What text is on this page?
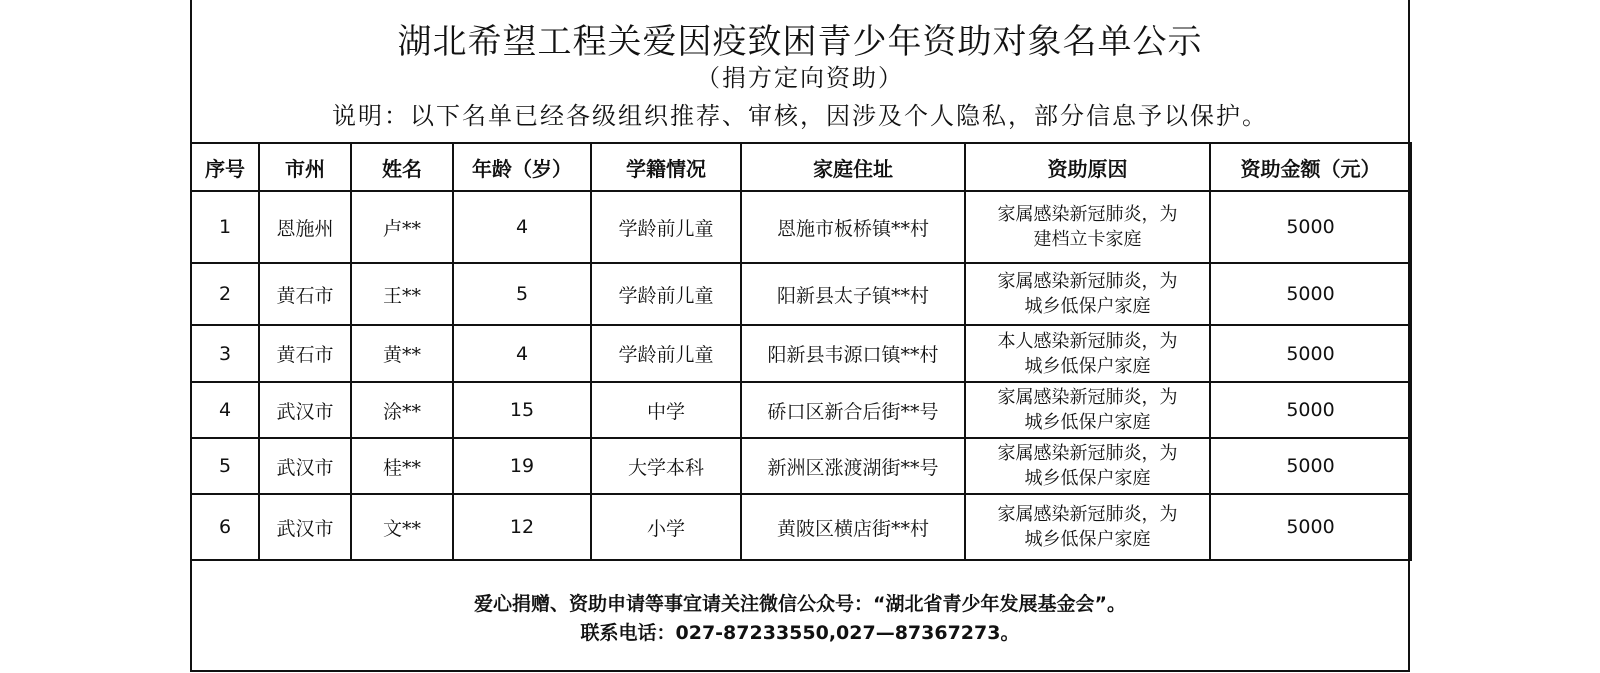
湖北希望工程关爱因疫致困青少年资助对象名单公示
（捐方定向资助）
说明：以下名单已经各级组织推荐、审核，因涉及个人隐私，部分信息予以保护。
序号	市州	姓名	年龄（岁）	学籍情况	家庭住址	资助原因	资助金额（元）
1	恩施州	卢**	4	学龄前儿童	恩施市板桥镇**村	家属感染新冠肺炎，为
建档立卡家庭	5000
2	黄石市	王**	5	学龄前儿童	阳新县太子镇**村	家属感染新冠肺炎，为
城乡低保户家庭	5000
3	黄石市	黄**	4	学龄前儿童	阳新县韦源口镇**村	本人感染新冠肺炎，为
城乡低保户家庭	5000
4	武汉市	涂**	15	中学	硚口区新合后街**号	家属感染新冠肺炎，为
城乡低保户家庭	5000
5	武汉市	桂**	19	大学本科	新洲区涨渡湖街**号	家属感染新冠肺炎，为
城乡低保户家庭	5000
6	武汉市	文**	12	小学	黄陂区横店街**村	家属感染新冠肺炎，为
城乡低保户家庭	5000
爱心捐赠、资助申请等事宜请关注微信公众号：“湖北省青少年发展基金会”。
联系电话：027-87233550,027—87367273。
